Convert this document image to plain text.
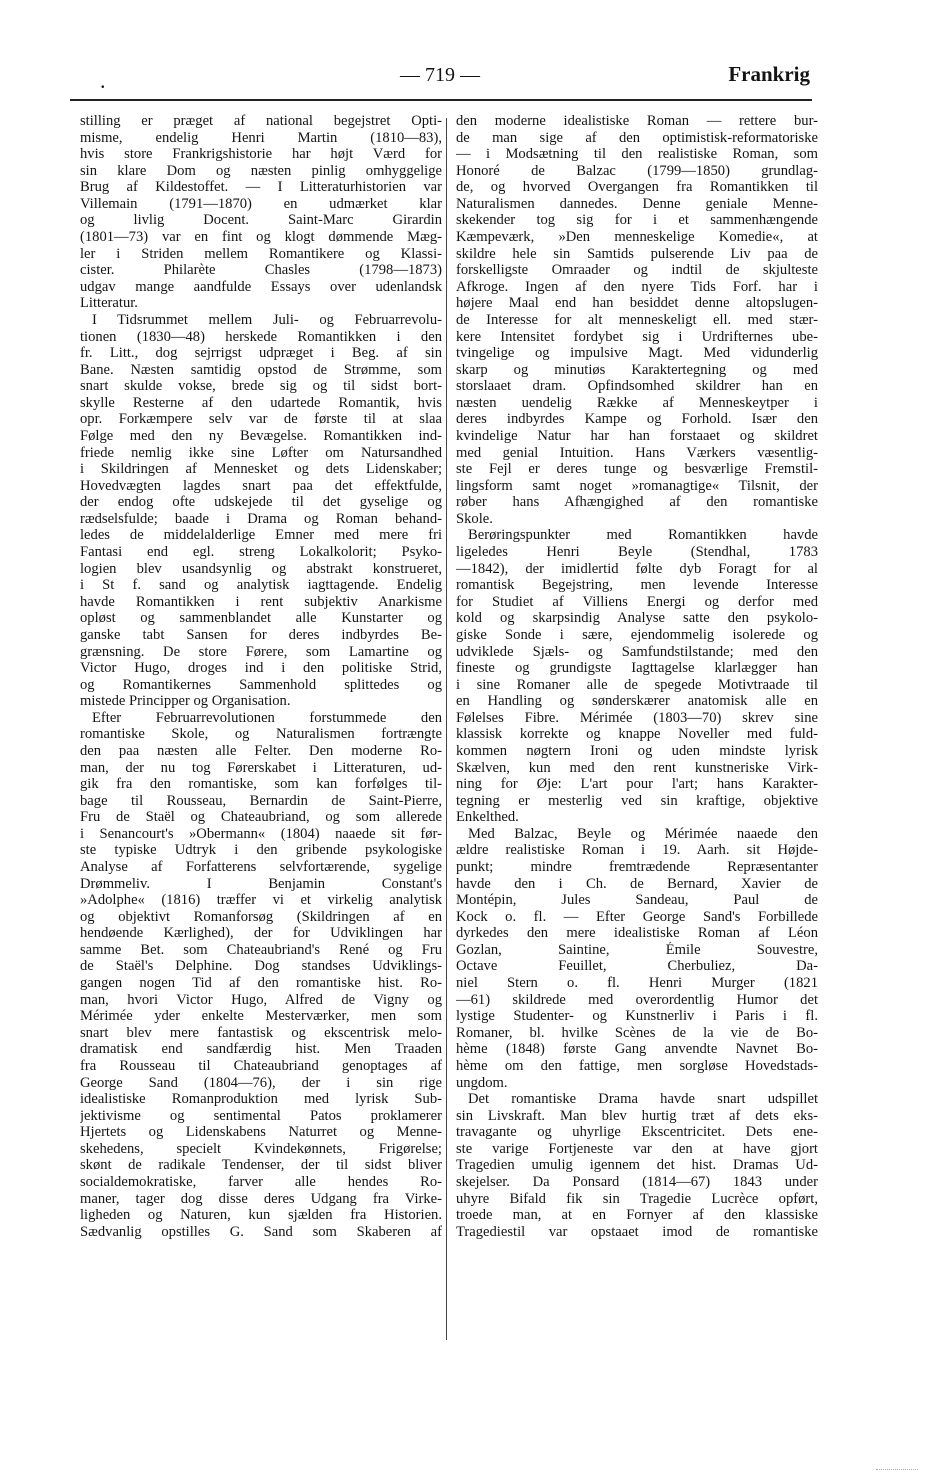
.	— 719 —	Frankrig
stilling er præget af national begejstret Opti-
misme, endelig Henri Martin (1810—83),
hvis store Frankrigshistorie har højt Værd for
sin klare Dom og næsten pinlig omhyggelige
Brug af Kildestoffet. — I Litteraturhistorien var
Villemain (1791—1870) en udmærket klar
og livlig Docent. Saint-Marc Girardin
(1801—73) var en fint og klogt dømmende Mæg-
ler i Striden mellem Romantikere og Klassi-
cister. Philarète Chasles (1798—1873)
udgav mange aandfulde Essays over udenlandsk
Litteratur.
I Tidsrummet mellem Juli- og Februarrevolu-
tionen (1830—48) herskede Romantikken i den
fr. Litt., dog sejrrigst udpræget i Beg. af sin
Bane. Næsten samtidig opstod de Strømme, som
snart skulde vokse, brede sig og til sidst bort-
skylle Resterne af den udartede Romantik, hvis
opr. Forkæmpere selv var de første til at slaa
Følge med den ny Bevægelse. Romantikken ind-
friede nemlig ikke sine Løfter om Natursandhed
i Skildringen af Mennesket og dets Lidenskaber;
Hovedvægten lagdes snart paa det effektfulde,
der endog ofte udskejede til det gyselige og
rædselsfulde; baade i Drama og Roman behand-
ledes de middelalderlige Emner med mere fri
Fantasi end egl. streng Lokalkolorit; Psyko-
logien blev usandsynlig og abstrakt konstrueret,
i St f. sand og analytisk iagttagende. Endelig
havde Romantikken i rent subjektiv Anarkisme
opløst og sammenblandet alle Kunstarter og
ganske tabt Sansen for deres indbyrdes Be-
grænsning. De store Førere, som Lamartine og
Victor Hugo, droges ind i den politiske Strid,
og Romantikernes Sammenhold splittedes og
mistede Principper og Organisation.
Efter Februarrevolutionen forstummede den
romantiske Skole, og Naturalismen fortrængte
den paa næsten alle Felter. Den moderne Ro-
man, der nu tog Førerskabet i Litteraturen, ud-
gik fra den romantiske, som kan forfølges til-
bage til Rousseau, Bernardin de Saint-Pierre,
Fru de Staël og Chateaubriand, og som allerede
i Senancourt's »Obermann« (1804) naaede sit før-
ste typiske Udtryk i den gribende psykologiske
Analyse af Forfatterens selvfortærende, sygelige
Drømmeliv. I Benjamin Constant's
»Adolphe« (1816) træffer vi et virkelig analytisk
og objektivt Romanforsøg (Skildringen af en
hendøende Kærlighed), der for Udviklingen har
samme Bet. som Chateaubriand's René og Fru
de Staël's Delphine. Dog standses Udviklings-
gangen nogen Tid af den romantiske hist. Ro-
man, hvori Victor Hugo, Alfred de Vigny og
Mérimée yder enkelte Mesterværker, men som
snart blev mere fantastisk og ekscentrisk melo-
dramatisk end sandfærdig hist. Men Traaden
fra Rousseau til Chateaubriand genoptages af
George Sand (1804—76), der i sin rige
idealistiske Romanproduktion med lyrisk Sub-
jektivisme og sentimental Patos proklamerer
Hjertets og Lidenskabens Naturret og Menne-
skehedens, specielt Kvindekønnets, Frigørelse;
skønt de radikale Tendenser, der til sidst bliver
socialdemokratiske, farver alle hendes Ro-
maner, tager dog disse deres Udgang fra Virke-
ligheden og Naturen, kun sjælden fra Historien.
Sædvanlig opstilles G. Sand som Skaberen af
den moderne idealistiske Roman — rettere bur-
de man sige af den optimistisk-reformatoriske
— i Modsætning til den realistiske Roman, som
Honoré de Balzac (1799—1850) grundlag-
de, og hvorved Overgangen fra Romantikken til
Naturalismen dannedes. Denne geniale Menne-
skekender tog sig for i et sammenhængende
Kæmpeværk, »Den menneskelige Komedie«, at
skildre hele sin Samtids pulserende Liv paa de
forskelligste Omraader og indtil de skjulteste
Afkroge. Ingen af den nyere Tids Forf. har i
højere Maal end han besiddet denne altopslugen-
de Interesse for alt menneskeligt ell. med stær-
kere Intensitet fordybet sig i Urdrifternes ube-
tvingelige og impulsive Magt. Med vidunderlig
skarp og minutiøs Karaktertegning og med
storslaaet dram. Opfindsomhed skildrer han en
næsten uendelig Række af Menneskeytper i
deres indbyrdes Kampe og Forhold. Især den
kvindelige Natur har han forstaaet og skildret
med genial Intuition. Hans Værkers væsentlig-
ste Fejl er deres tunge og besværlige Fremstil-
lingsform samt noget »romanagtige« Tilsnit, der
røber hans Afhængighed af den romantiske
Skole.
Berøringspunkter med Romantikken havde
ligeledes Henri Beyle (Stendhal, 1783
—1842), der imidlertid følte dyb Foragt for al
romantisk Begejstring, men levende Interesse
for Studiet af Villiens Energi og derfor med
kold og skarpsindig Analyse satte den psykolo-
giske Sonde i sære, ejendommelig isolerede og
udviklede Sjæls- og Samfundstilstande; med den
fineste og grundigste Iagttagelse klarlægger han
i sine Romaner alle de spegede Motivtraade til
en Handling og sønderskærer anatomisk alle en
Følelses Fibre. Mérimée (1803—70) skrev sine
klassisk korrekte og knappe Noveller med fuld-
kommen nøgtern Ironi og uden mindste lyrisk
Skælven, kun med den rent kunstneriske Virk-
ning for Øje: L'art pour l'art; hans Karakter-
tegning er mesterlig ved sin kraftige, objektive
Enkelthed.
Med Balzac, Beyle og Mérimée naaede den
ældre realistiske Roman i 19. Aarh. sit Højde-
punkt; mindre fremtrædende Repræsentanter
havde den i Ch. de Bernard, Xavier de
Montépin, Jules Sandeau, Paul de
Kock o. fl. — Efter George Sand's Forbillede
dyrkedes den mere idealistiske Roman af Léon
Gozlan, Saintine, Émile Souvestre,
Octave Feuillet, Cherbuliez, Da-
niel Stern o. fl. Henri Murger (1821
—61) skildrede med overordentlig Humor det
lystige Studenter- og Kunstnerliv i Paris i fl.
Romaner, bl. hvilke Scènes de la vie de Bo-
hème (1848) første Gang anvendte Navnet Bo-
hème om den fattige, men sorgløse Hovedstads-
ungdom.
Det romantiske Drama havde snart udspillet
sin Livskraft. Man blev hurtig træt af dets eks-
travagante og uhyrlige Ekscentricitet. Dets ene-
ste varige Fortjeneste var den at have gjort
Tragedien umulig igennem det hist. Dramas Ud-
skejelser. Da Ponsard (1814—67) 1843 under
uhyre Bifald fik sin Tragedie Lucrèce opført,
troede man, at en Fornyer af den klassiske
Tragediestil var opstaaet imod de romantiske
